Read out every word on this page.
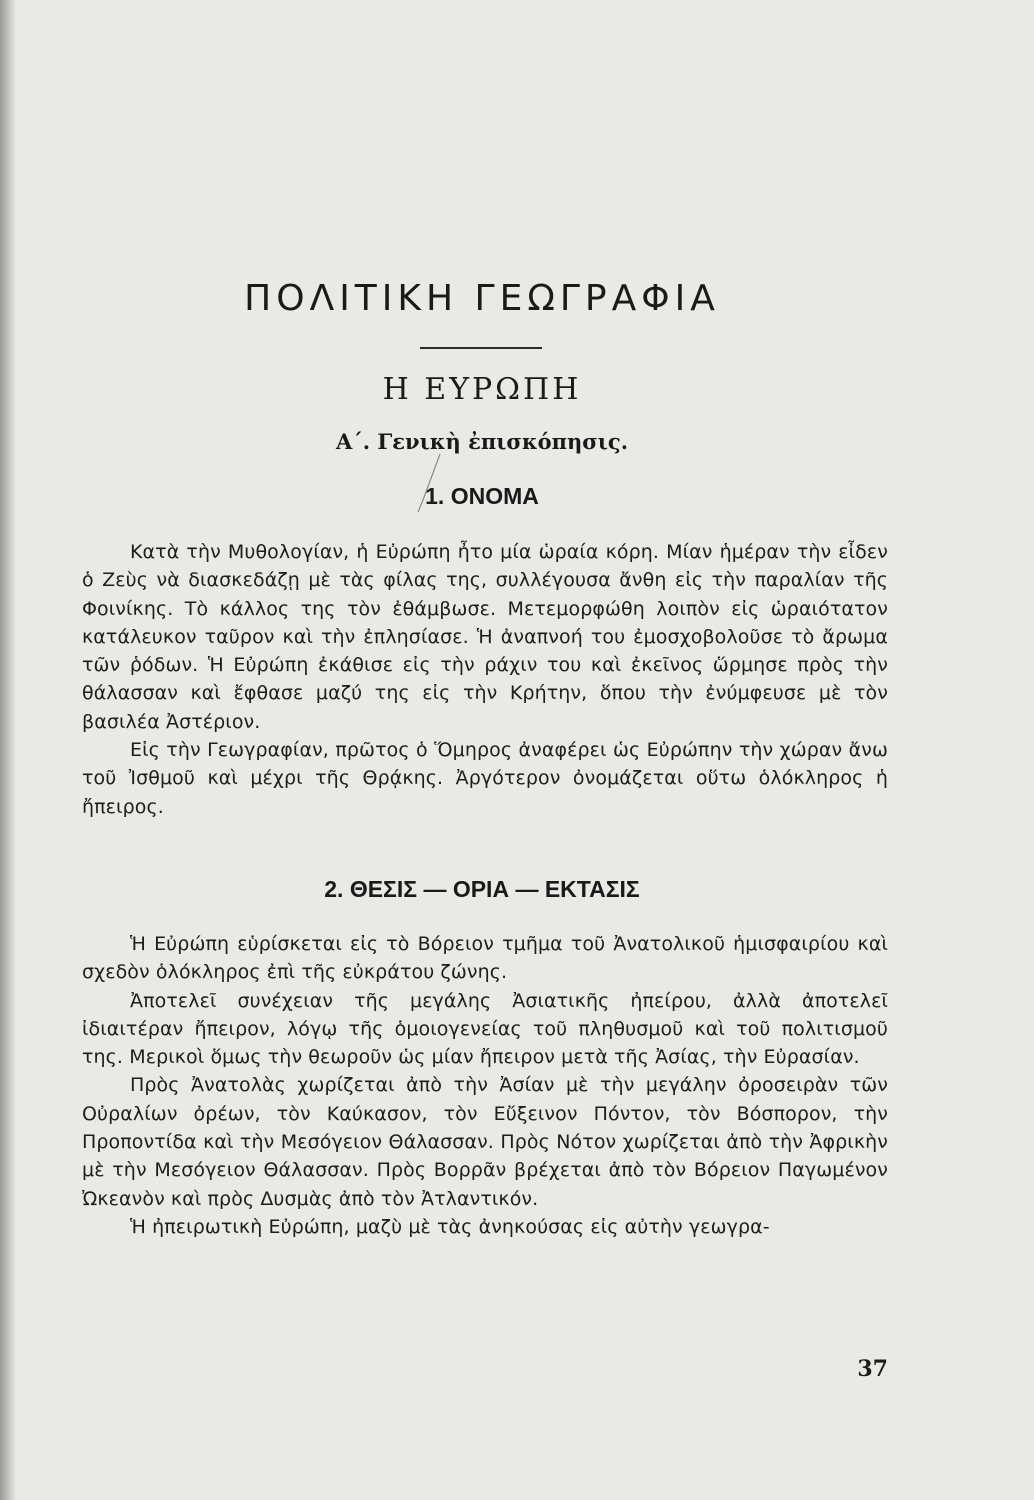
ΠΟΛΙΤΙΚΗ ΓΕΩΓΡΑΦΙΑ
Η ΕΥΡΩΠΗ
Α΄. Γενικὴ ἐπισκόπησις.
1. ΟΝΟΜΑ

Κατὰ τὴν Μυθολογίαν, ἡ Εὐρώπη ἦτο μία ὡραία κόρη. Μίαν ἡμέραν τὴν εἶδεν ὁ Ζεὺς νὰ διασκεδάζῃ μὲ τὰς φίλας της, συλλέγουσα ἄνθη εἰς τὴν παραλίαν τῆς Φοινίκης. Τὸ κάλλος της τὸν ἐθάμβωσε. Μετεμορφώθη λοιπὸν εἰς ὡραιότατον κατάλευκον ταῦρον καὶ τὴν ἐπλησίασε. Ἡ ἀναπνοή του ἐμοσχοβολοῦσε τὸ ἄρωμα τῶν ῥόδων. Ἡ Εὐρώπη ἐκάθισε εἰς τὴν ράχιν του καὶ ἐκεῖνος ὥρμησε πρὸς τὴν θάλασσαν καὶ ἔφθασε μαζύ της εἰς τὴν Κρήτην, ὅπου τὴν ἐνύμφευσε μὲ τὸν βασιλέα Ἀστέριον.

Εἰς τὴν Γεωγραφίαν, πρῶτος ὁ Ὅμηρος ἀναφέρει ὡς Εὐρώπην τὴν χώραν ἄνω τοῦ Ἰσθμοῦ καὶ μέχρι τῆς Θρᾴκης. Ἀργότερον ὀνομάζεται οὕτω ὁλόκληρος ἡ ἤπειρος.

2. ΘΕΣΙΣ — ΟΡΙΑ — ΕΚΤΑΣΙΣ

Ἡ Εὐρώπη εὑρίσκεται εἰς τὸ Βόρειον τμῆμα τοῦ Ἀνατολικοῦ ἡμισφαιρίου καὶ σχεδὸν ὁλόκληρος ἐπὶ τῆς εὐκράτου ζώνης.

Ἀποτελεῖ συνέχειαν τῆς μεγάλης Ἀσιατικῆς ἠπείρου, ἀλλὰ ἀποτελεῖ ἰδιαιτέραν ἤπειρον, λόγῳ τῆς ὁμοιογενείας τοῦ πληθυσμοῦ καὶ τοῦ πολιτισμοῦ της. Μερικοὶ ὅμως τὴν θεωροῦν ὡς μίαν ἤπειρον μετὰ τῆς Ἀσίας, τὴν Εὐρασίαν.

Πρὸς Ἀνατολὰς χωρίζεται ἀπὸ τὴν Ἀσίαν μὲ τὴν μεγάλην ὀροσειρὰν τῶν Οὐραλίων ὀρέων, τὸν Καύκασον, τὸν Εὔξεινον Πόντον, τὸν Βόσπορον, τὴν Προποντίδα καὶ τὴν Μεσόγειον Θάλασσαν. Πρὸς Νότον χωρίζεται ἀπὸ τὴν Ἀφρικὴν μὲ τὴν Μεσόγειον Θάλασσαν. Πρὸς Βορρᾶν βρέχεται ἀπὸ τὸν Βόρειον Παγωμένον Ὠκεανὸν καὶ πρὸς Δυσμὰς ἀπὸ τὸν Ἀτλαντικόν.

Ἡ ἠπειρωτικὴ Εὐρώπη, μαζὺ μὲ τὰς ἀνηκούσας εἰς αὐτὴν γεωγρα-

37
